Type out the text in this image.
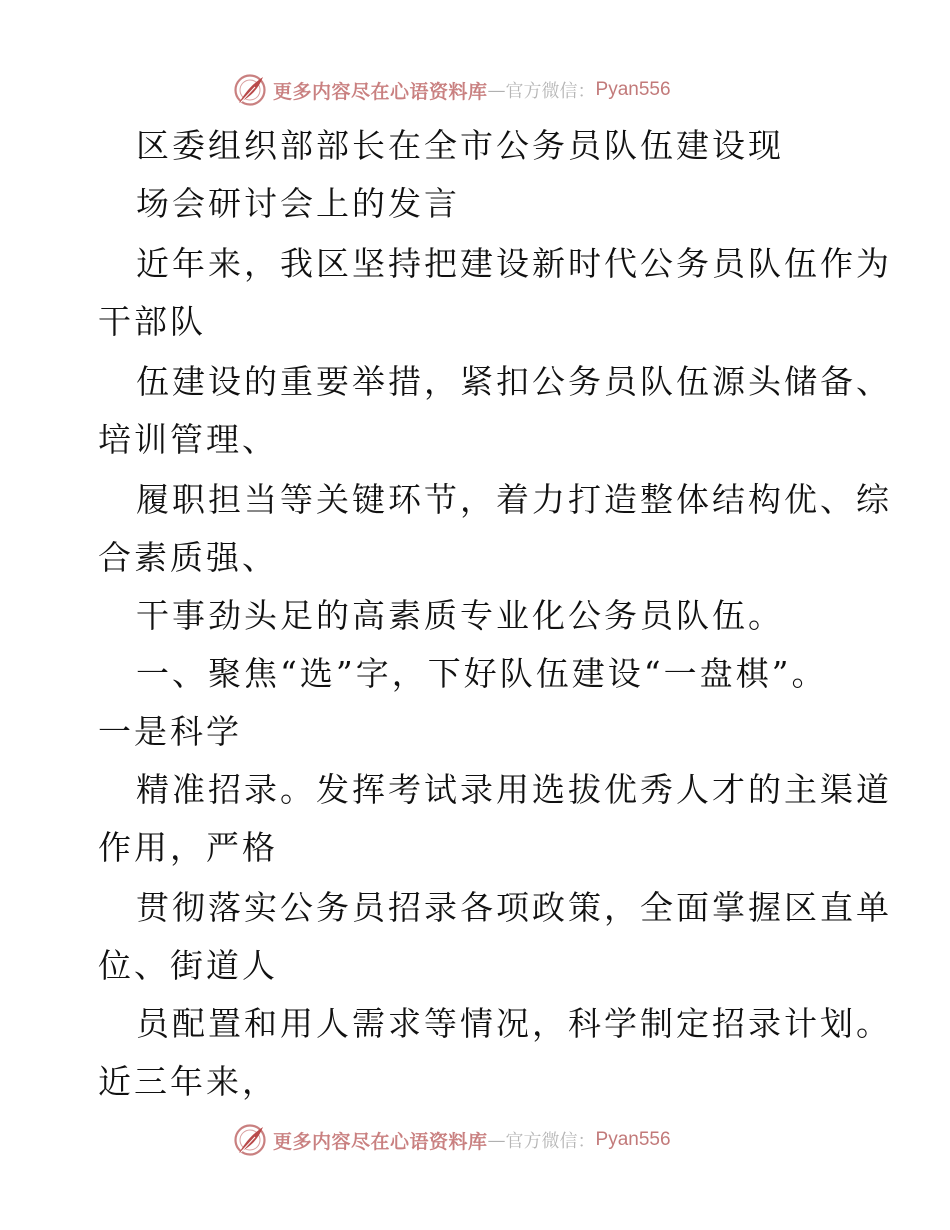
更多内容尽在心语资料库 — 官方微信： Pyan556
区委组织部部长在全市公务员队伍建设现
场会研讨会上的发言
近年来，我区坚持把建设新时代公务员队伍作为
干部队
伍建设的重要举措，紧扣公务员队伍源头储备、
培训管理、
履职担当等关键环节，着力打造整体结构优、综
合素质强、
干事劲头足的高素质专业化公务员队伍。
一、聚焦“选”字，下好队伍建设“一盘棋”。
一是科学
精准招录。发挥考试录用选拔优秀人才的主渠道
作用，严格
贯彻落实公务员招录各项政策，全面掌握区直单
位、街道人
员配置和用人需求等情况，科学制定招录计划。
近三年来，
更多内容尽在心语资料库 — 官方微信： Pyan556
